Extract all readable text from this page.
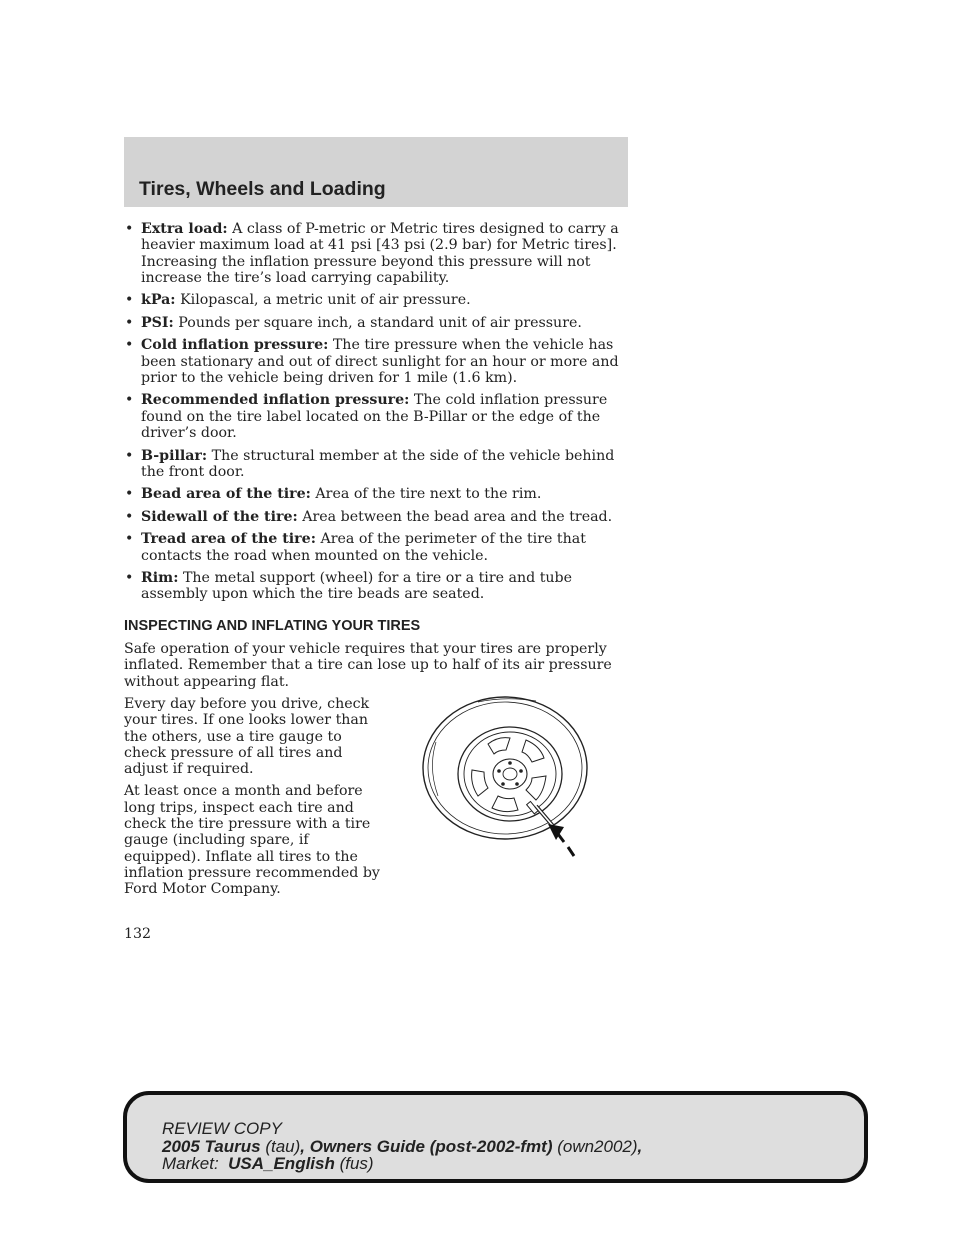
Tires, Wheels and Loading
• Extra load: A class of P-metric or Metric tires designed to carry a heavier maximum load at 41 psi [43 psi (2.9 bar) for Metric tires]. Increasing the inflation pressure beyond this pressure will not increase the tire’s load carrying capability.
• kPa: Kilopascal, a metric unit of air pressure.
• PSI: Pounds per square inch, a standard unit of air pressure.
• Cold inflation pressure: The tire pressure when the vehicle has been stationary and out of direct sunlight for an hour or more and prior to the vehicle being driven for 1 mile (1.6 km).
• Recommended inflation pressure: The cold inflation pressure found on the tire label located on the B-Pillar or the edge of the driver’s door.
• B-pillar: The structural member at the side of the vehicle behind the front door.
• Bead area of the tire: Area of the tire next to the rim.
• Sidewall of the tire: Area between the bead area and the tread.
• Tread area of the tire: Area of the perimeter of the tire that contacts the road when mounted on the vehicle.
• Rim: The metal support (wheel) for a tire or a tire and tube assembly upon which the tire beads are seated.
INSPECTING AND INFLATING YOUR TIRES

Safe operation of your vehicle requires that your tires are properly inflated. Remember that a tire can lose up to half of its air pressure without appearing flat.

Every day before you drive, check your tires. If one looks lower than the others, use a tire gauge to check pressure of all tires and adjust if required.

At least once a month and before long trips, inspect each tire and check the tire pressure with a tire gauge (including spare, if equipped). Inflate all tires to the inflation pressure recommended by Ford Motor Company.

132
REVIEW COPY
2005 Taurus (tau), Owners Guide (post-2002-fmt) (own2002),
Market:  USA_English (fus)
